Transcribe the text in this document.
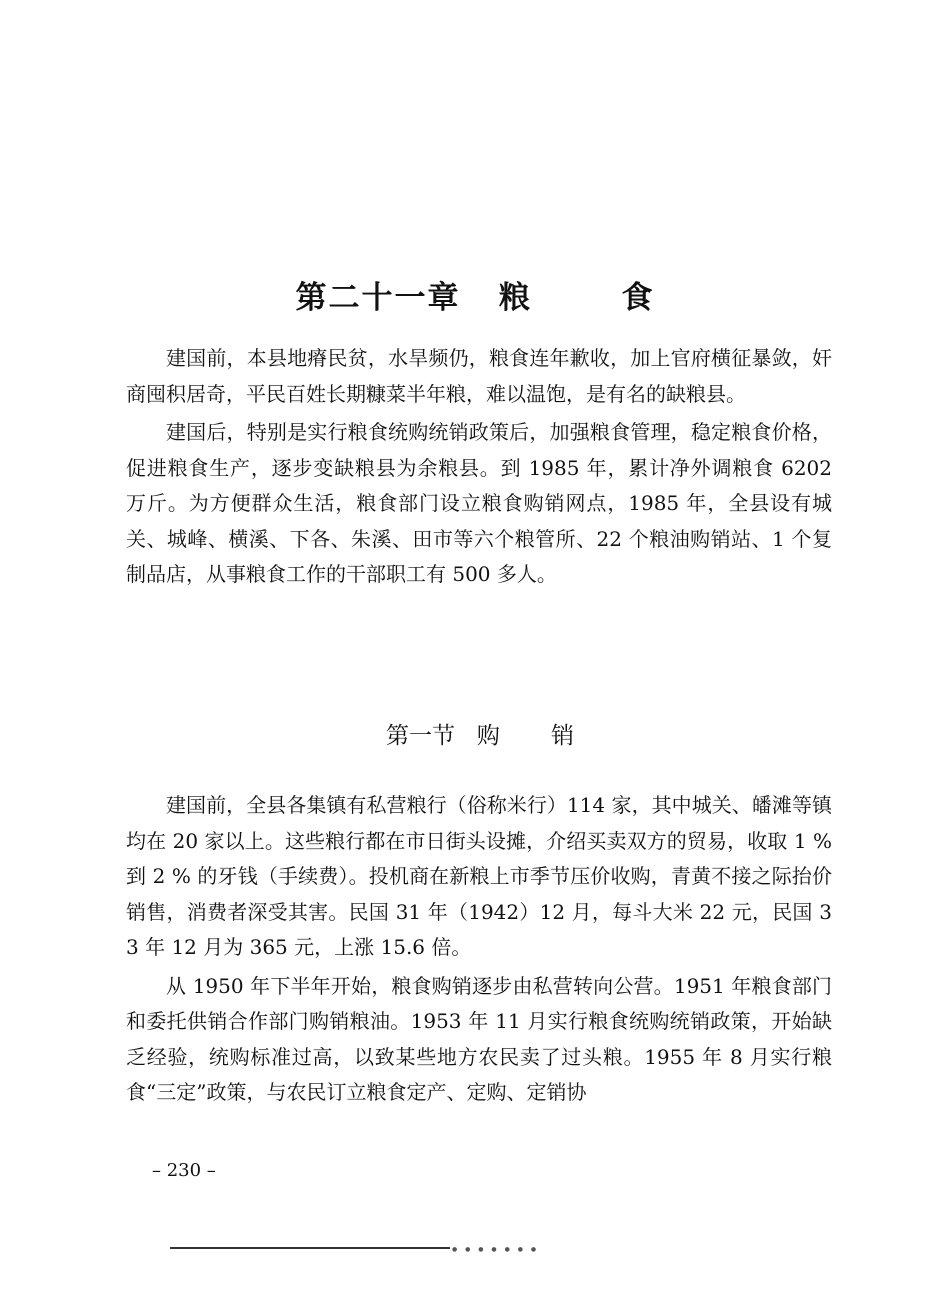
第二十一章   粮       食

建国前，本县地瘠民贫，水旱频仍，粮食连年歉收，加上官府横征暴敛，奸商囤积居奇，平民百姓长期糠菜半年粮，难以温饱，是有名的缺粮县。

建国后，特别是实行粮食统购统销政策后，加强粮食管理，稳定粮食价格，促进粮食生产，逐步变缺粮县为余粮县。到 1985 年，累计净外调粮食 6202 万斤。为方便群众生活，粮食部门设立粮食购销网点，1985 年，全县设有城关、城峰、横溪、下各、朱溪、田市等六个粮管所、22 个粮油购销站、1 个复制品店，从事粮食工作的干部职工有 500 多人。

第一节   购       销

建国前，全县各集镇有私营粮行（俗称米行）114 家，其中城关、皤滩等镇均在 20 家以上。这些粮行都在市日街头设摊，介绍买卖双方的贸易，收取 1 % 到 2 % 的牙钱（手续费）。投机商在新粮上市季节压价收购，青黄不接之际抬价销售，消费者深受其害。民国 31 年（1942）12 月，每斗大米 22 元，民国 33 年 12 月为 365 元，上涨 15.6 倍。

从 1950 年下半年开始，粮食购销逐步由私营转向公营。1951 年粮食部门和委托供销合作部门购销粮油。1953 年 11 月实行粮食统购统销政策，开始缺乏经验，统购标准过高，以致某些地方农民卖了过头粮。1955 年 8 月实行粮食“三定”政策，与农民订立粮食定产、定购、定销协

– 230 –
● ● ● ● ● ● ●
